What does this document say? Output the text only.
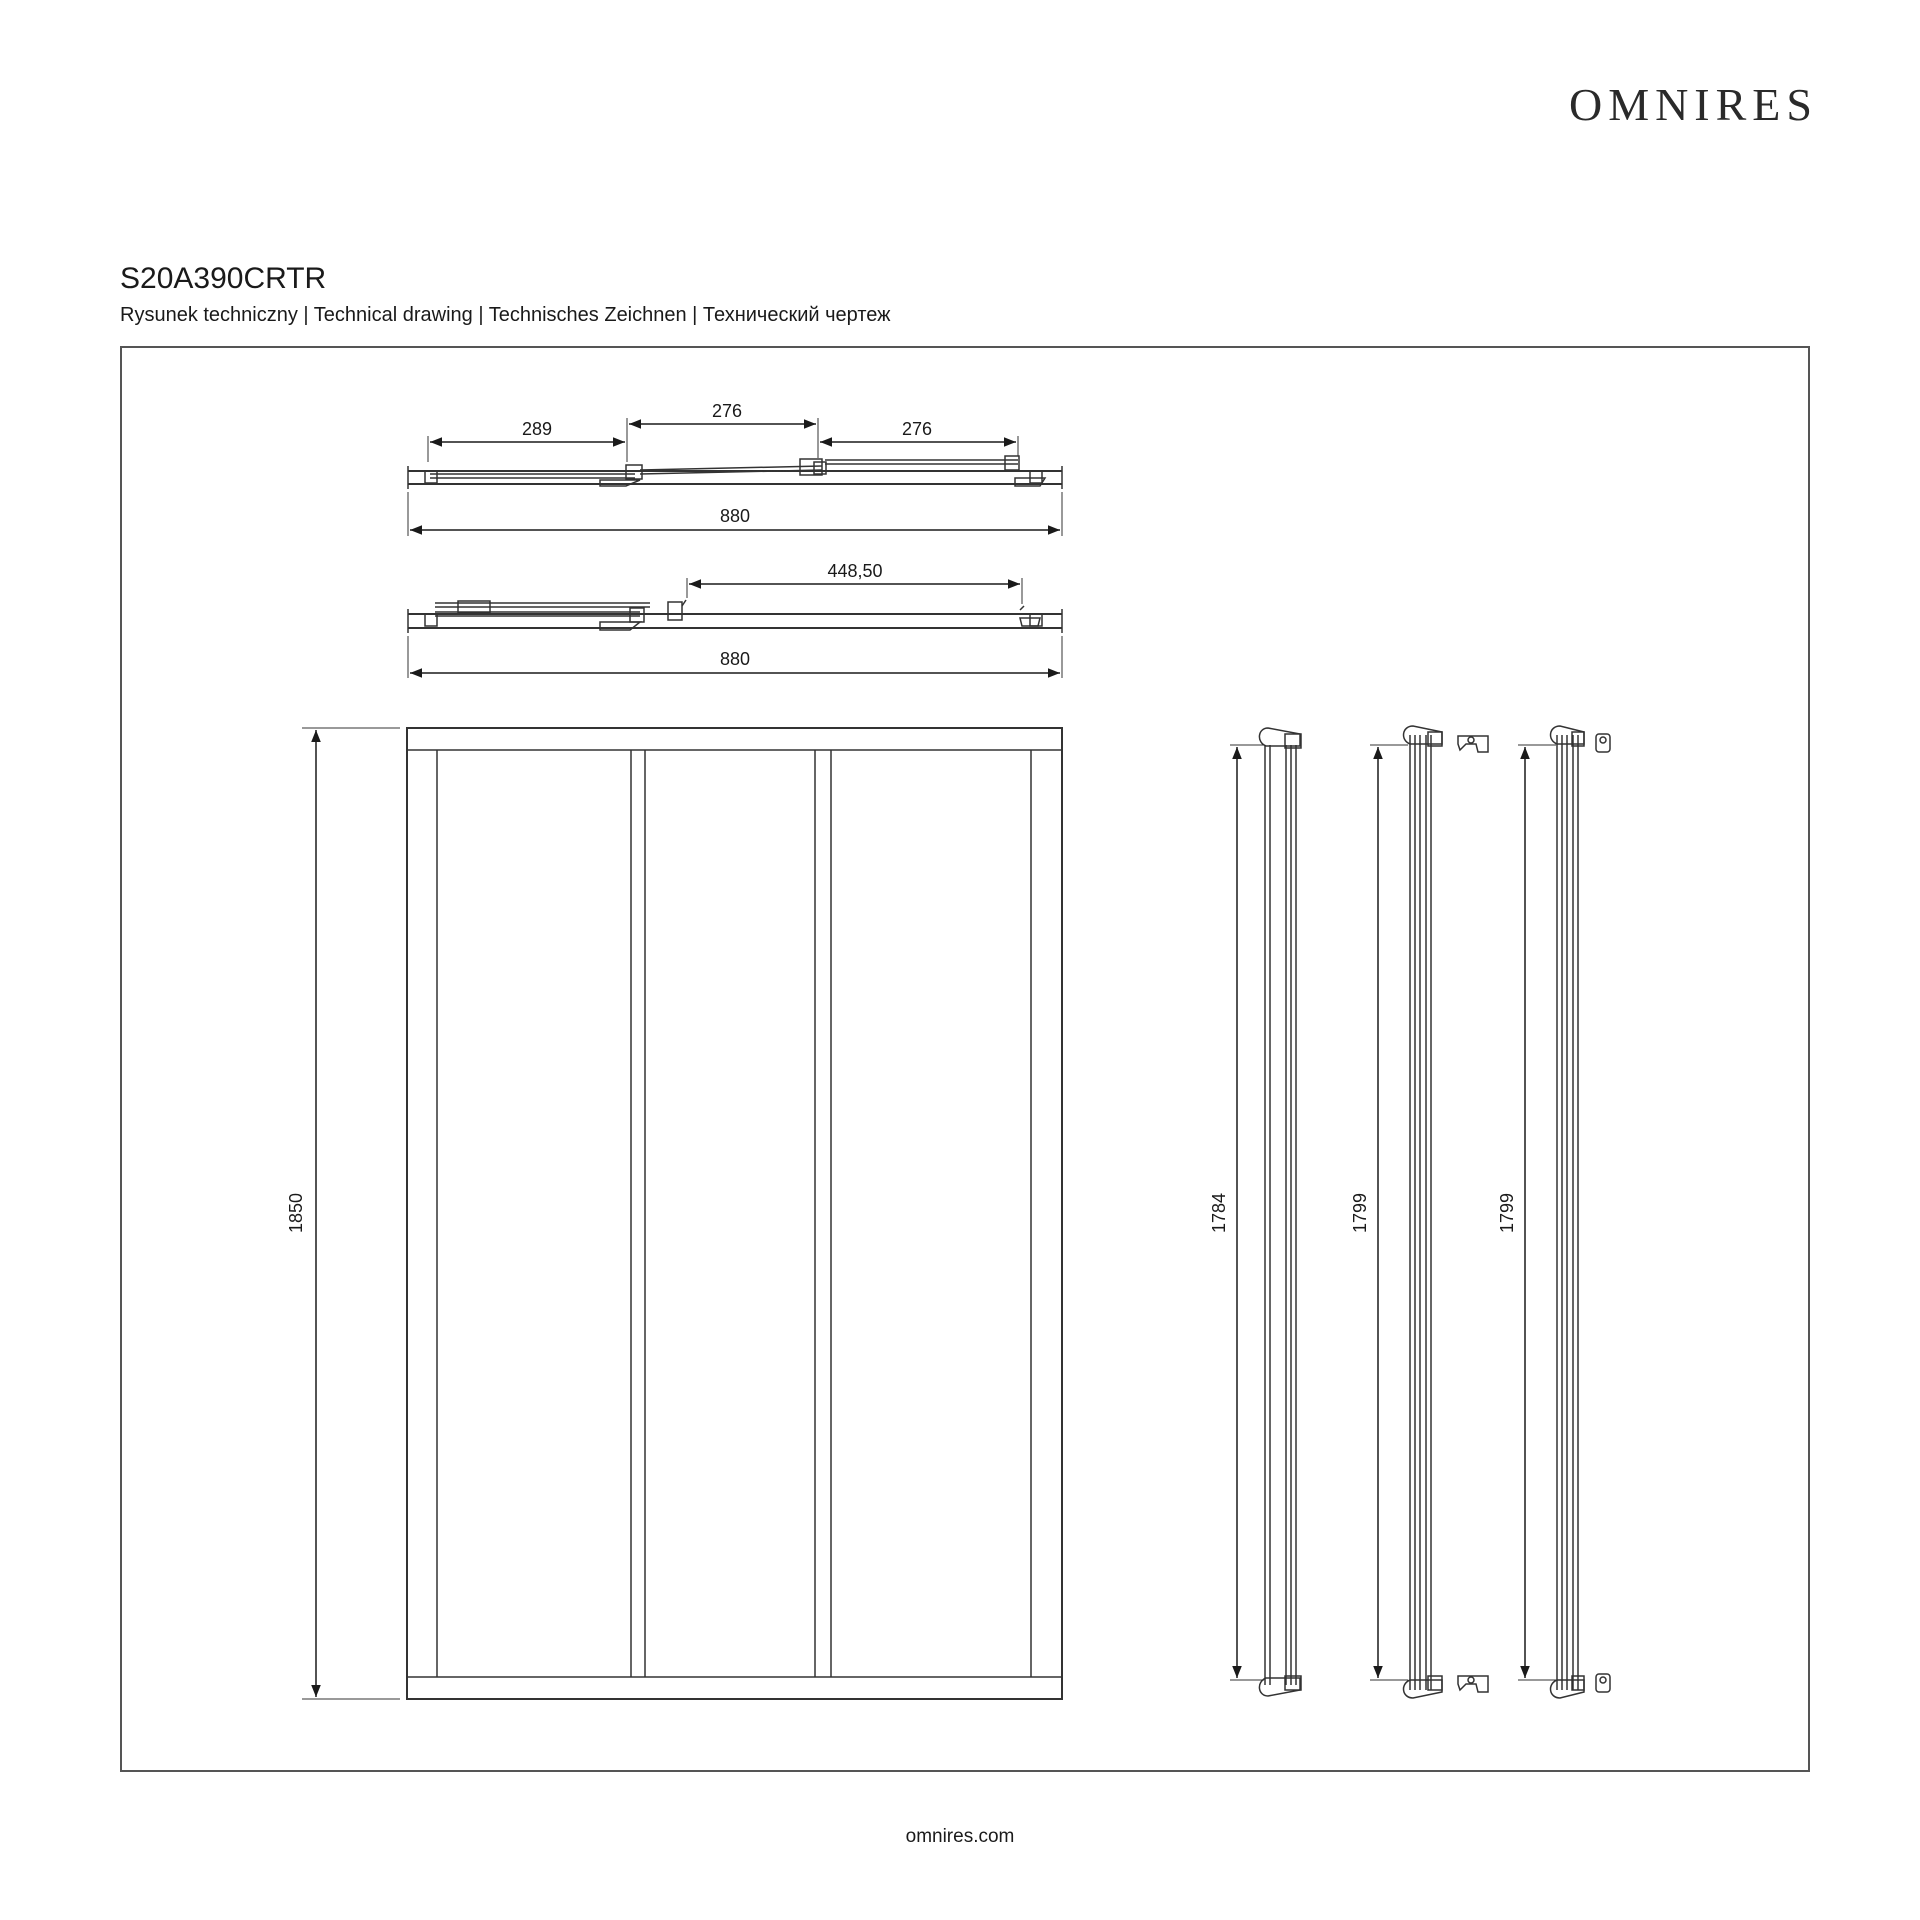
OMNIRES
S20A390CRTR
Rysunek techniczny | Technical drawing | Technisches Zeichnen | Технический чертеж
289
276
276
880
448,50
880
1850	1784	1799	1799
omnires.com
